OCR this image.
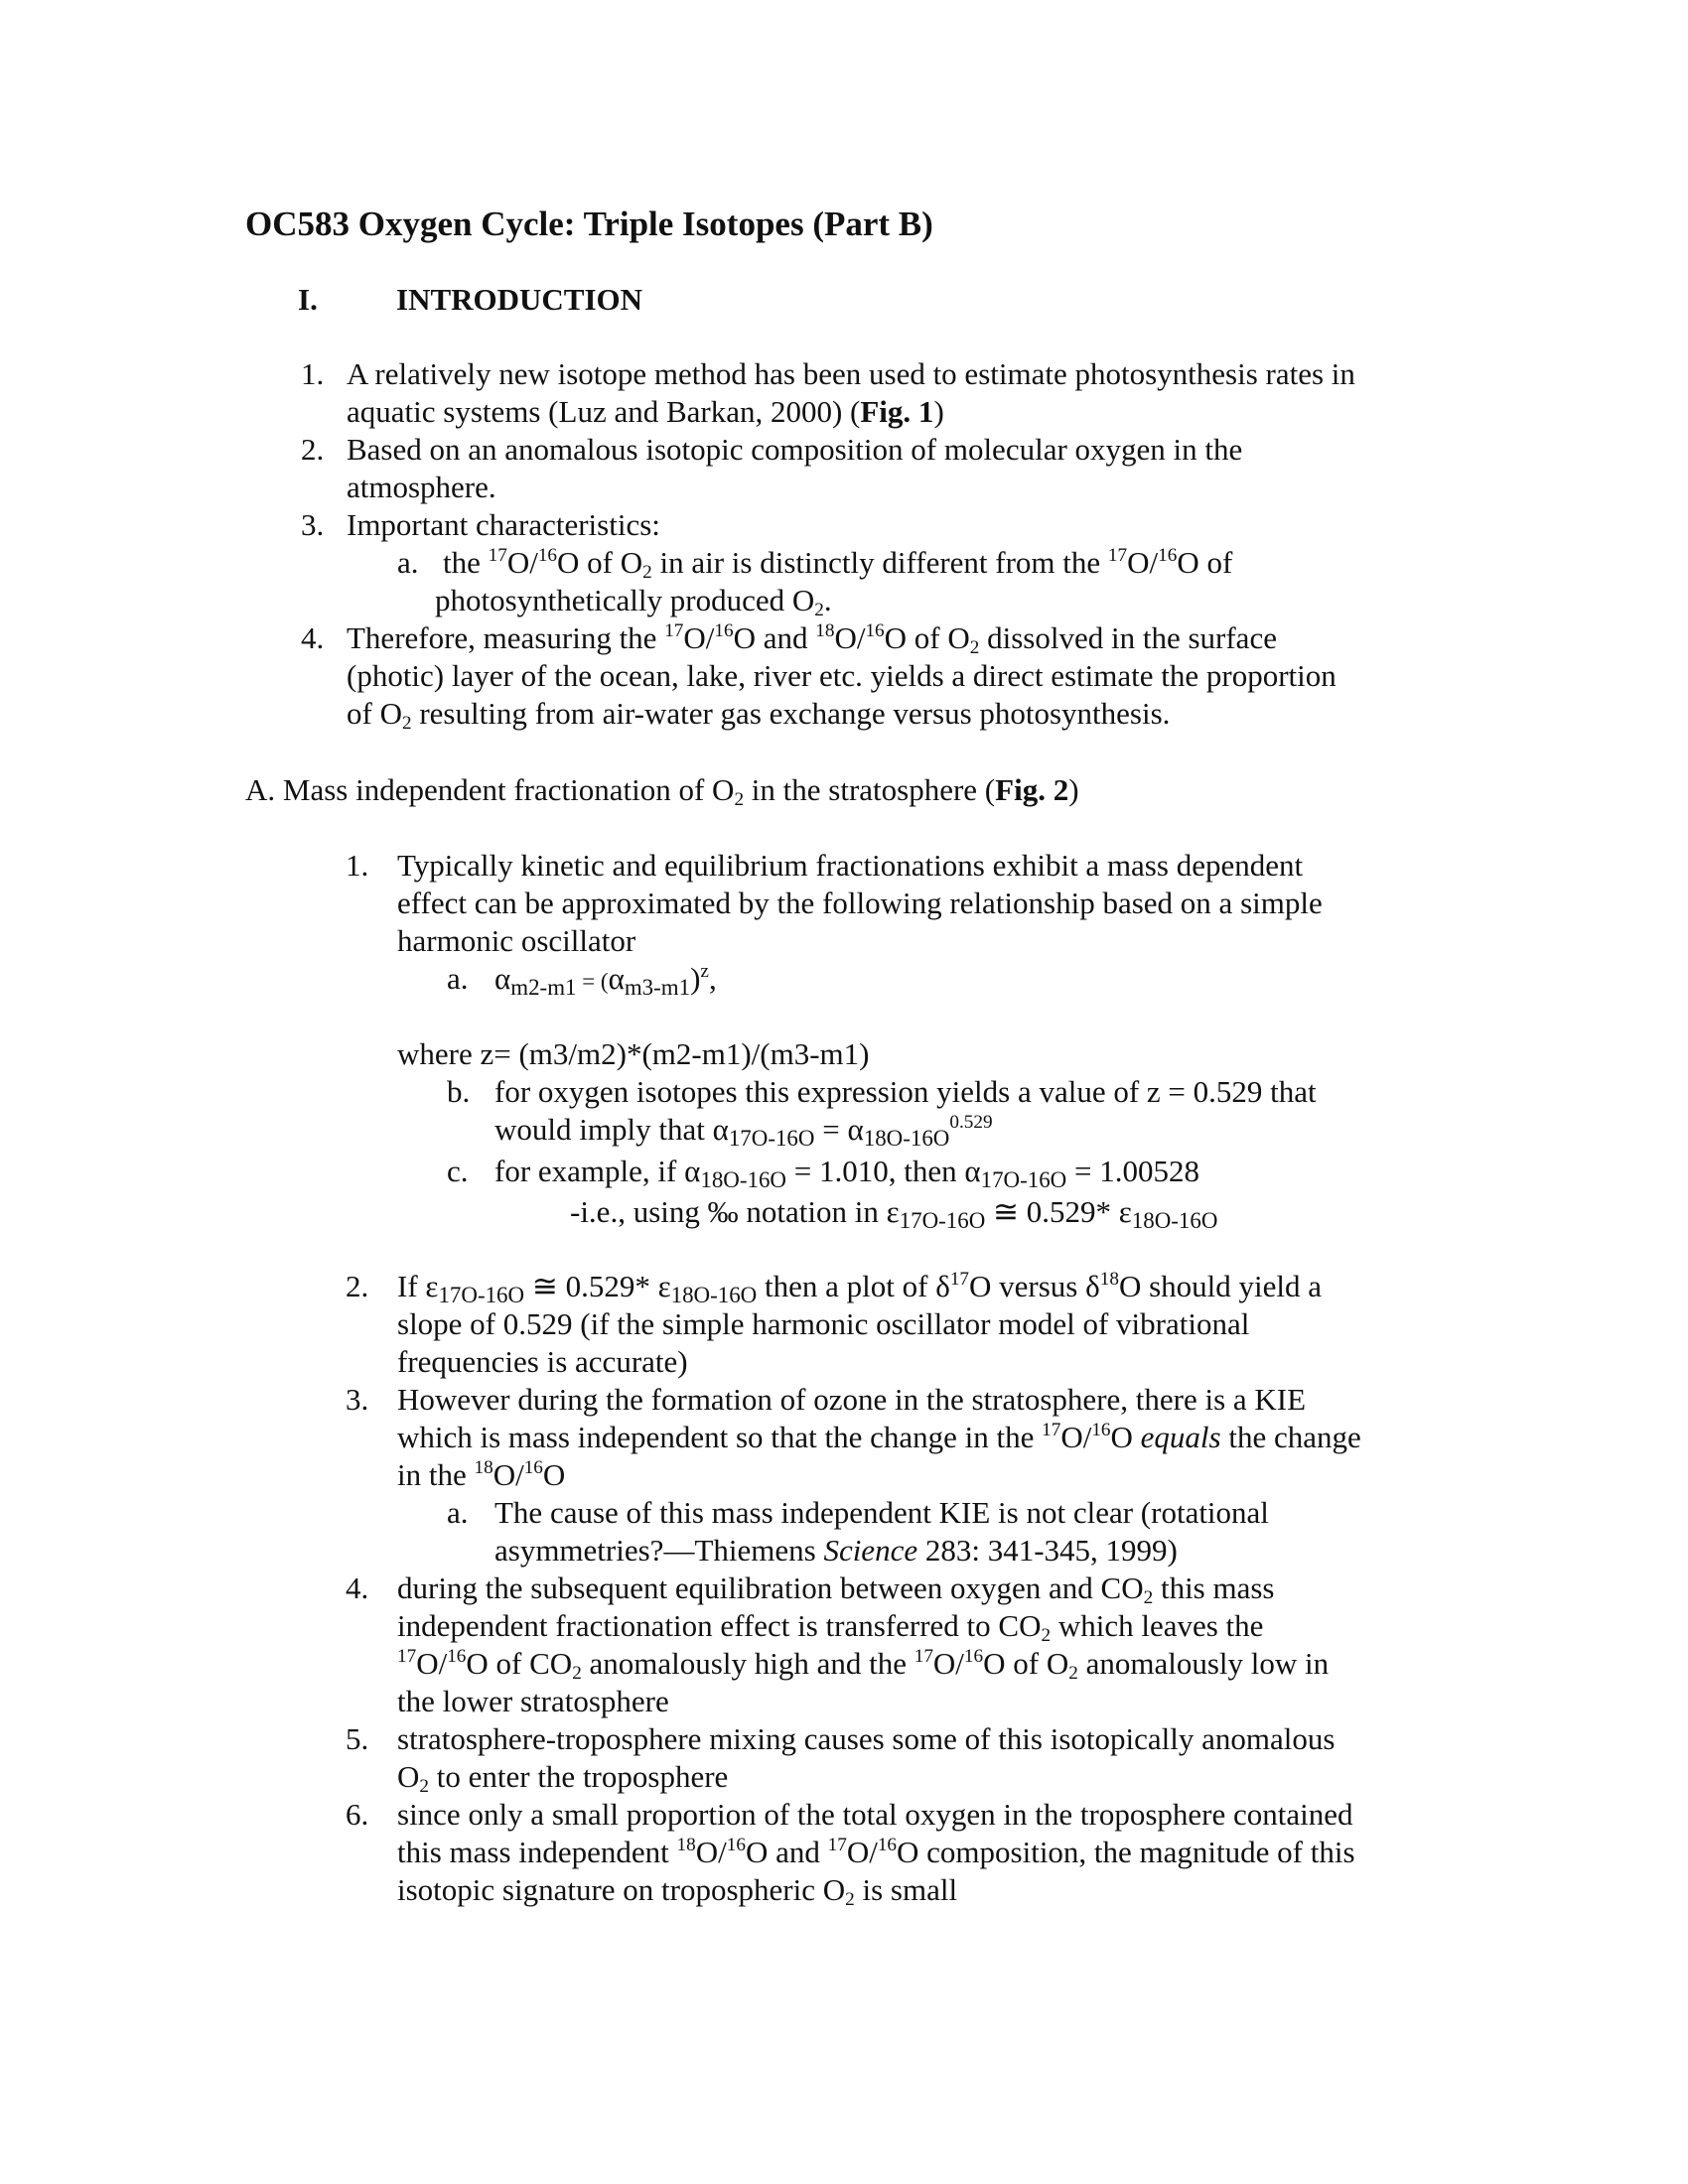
OC583 Oxygen Cycle: Triple Isotopes (Part B)
I.	INTRODUCTION
1. A relatively new isotope method has been used to estimate photosynthesis rates in
aquatic systems (Luz and Barkan, 2000) (Fig. 1)
2. Based on an anomalous isotopic composition of molecular oxygen in the
atmosphere.
3. Important characteristics:
a. the $^{17}$O/$^{16}$O of $O_2$ in air is distinctly different from the $^{17}$O/$^{16}$O of
photosynthetically produced $O_2$.
4. Therefore, measuring the $^{17}$O/$^{16}$O and $^{18}$O/$^{16}$O of $O_2$ dissolved in the surface
(photic) layer of the ocean, lake, river etc. yields a direct estimate the proportion
of $O_2$ resulting from air-water gas exchange versus photosynthesis.
A. Mass independent fractionation of $O_2$ in the stratosphere (Fig. 2)
1. Typically kinetic and equilibrium fractionations exhibit a mass dependent
effect can be approximated by the following relationship based on a simple
harmonic oscillator
a. $\alpha_{m2-m1} = (\alpha_{m3-m1})^z$,
where z= (m3/m2)*(m2-m1)/(m3-m1)
b. for oxygen isotopes this expression yields a value of z = 0.529 that
would imply that $\alpha_{17O-16O} = \alpha_{18O-16O}^{0.529}$
c. for example, if $\alpha_{18O-16O} = 1.010$, then $\alpha_{17O-16O} = 1.00528$
-i.e., using ‰ notation in $\varepsilon_{17O-16O}$ ≅ 0.529* $\varepsilon_{18O-16O}$
2. If $\varepsilon_{17O-16O}$ ≅ 0.529* $\varepsilon_{18O-16O}$ then a plot of $\delta^{17}O$ versus $\delta^{18}O$ should yield a
slope of 0.529 (if the simple harmonic oscillator model of vibrational
frequencies is accurate)
3. However during the formation of ozone in the stratosphere, there is a KIE
which is mass independent so that the change in the $^{17}$O/$^{16}$O equals the change
in the $^{18}$O/$^{16}$O
a. The cause of this mass independent KIE is not clear (rotational
asymmetries?—Thiemens Science 283: 341-345, 1999)
4. during the subsequent equilibration between oxygen and $CO_2$ this mass
independent fractionation effect is transferred to $CO_2$ which leaves the
$^{17}$O/$^{16}$O of $CO_2$ anomalously high and the $^{17}$O/$^{16}$O of $O_2$ anomalously low in
the lower stratosphere
5. stratosphere-troposphere mixing causes some of this isotopically anomalous
$O_2$ to enter the troposphere
6. since only a small proportion of the total oxygen in the troposphere contained
this mass independent $^{18}$O/$^{16}$O and $^{17}$O/$^{16}$O composition, the magnitude of this
isotopic signature on tropospheric $O_2$ is small
